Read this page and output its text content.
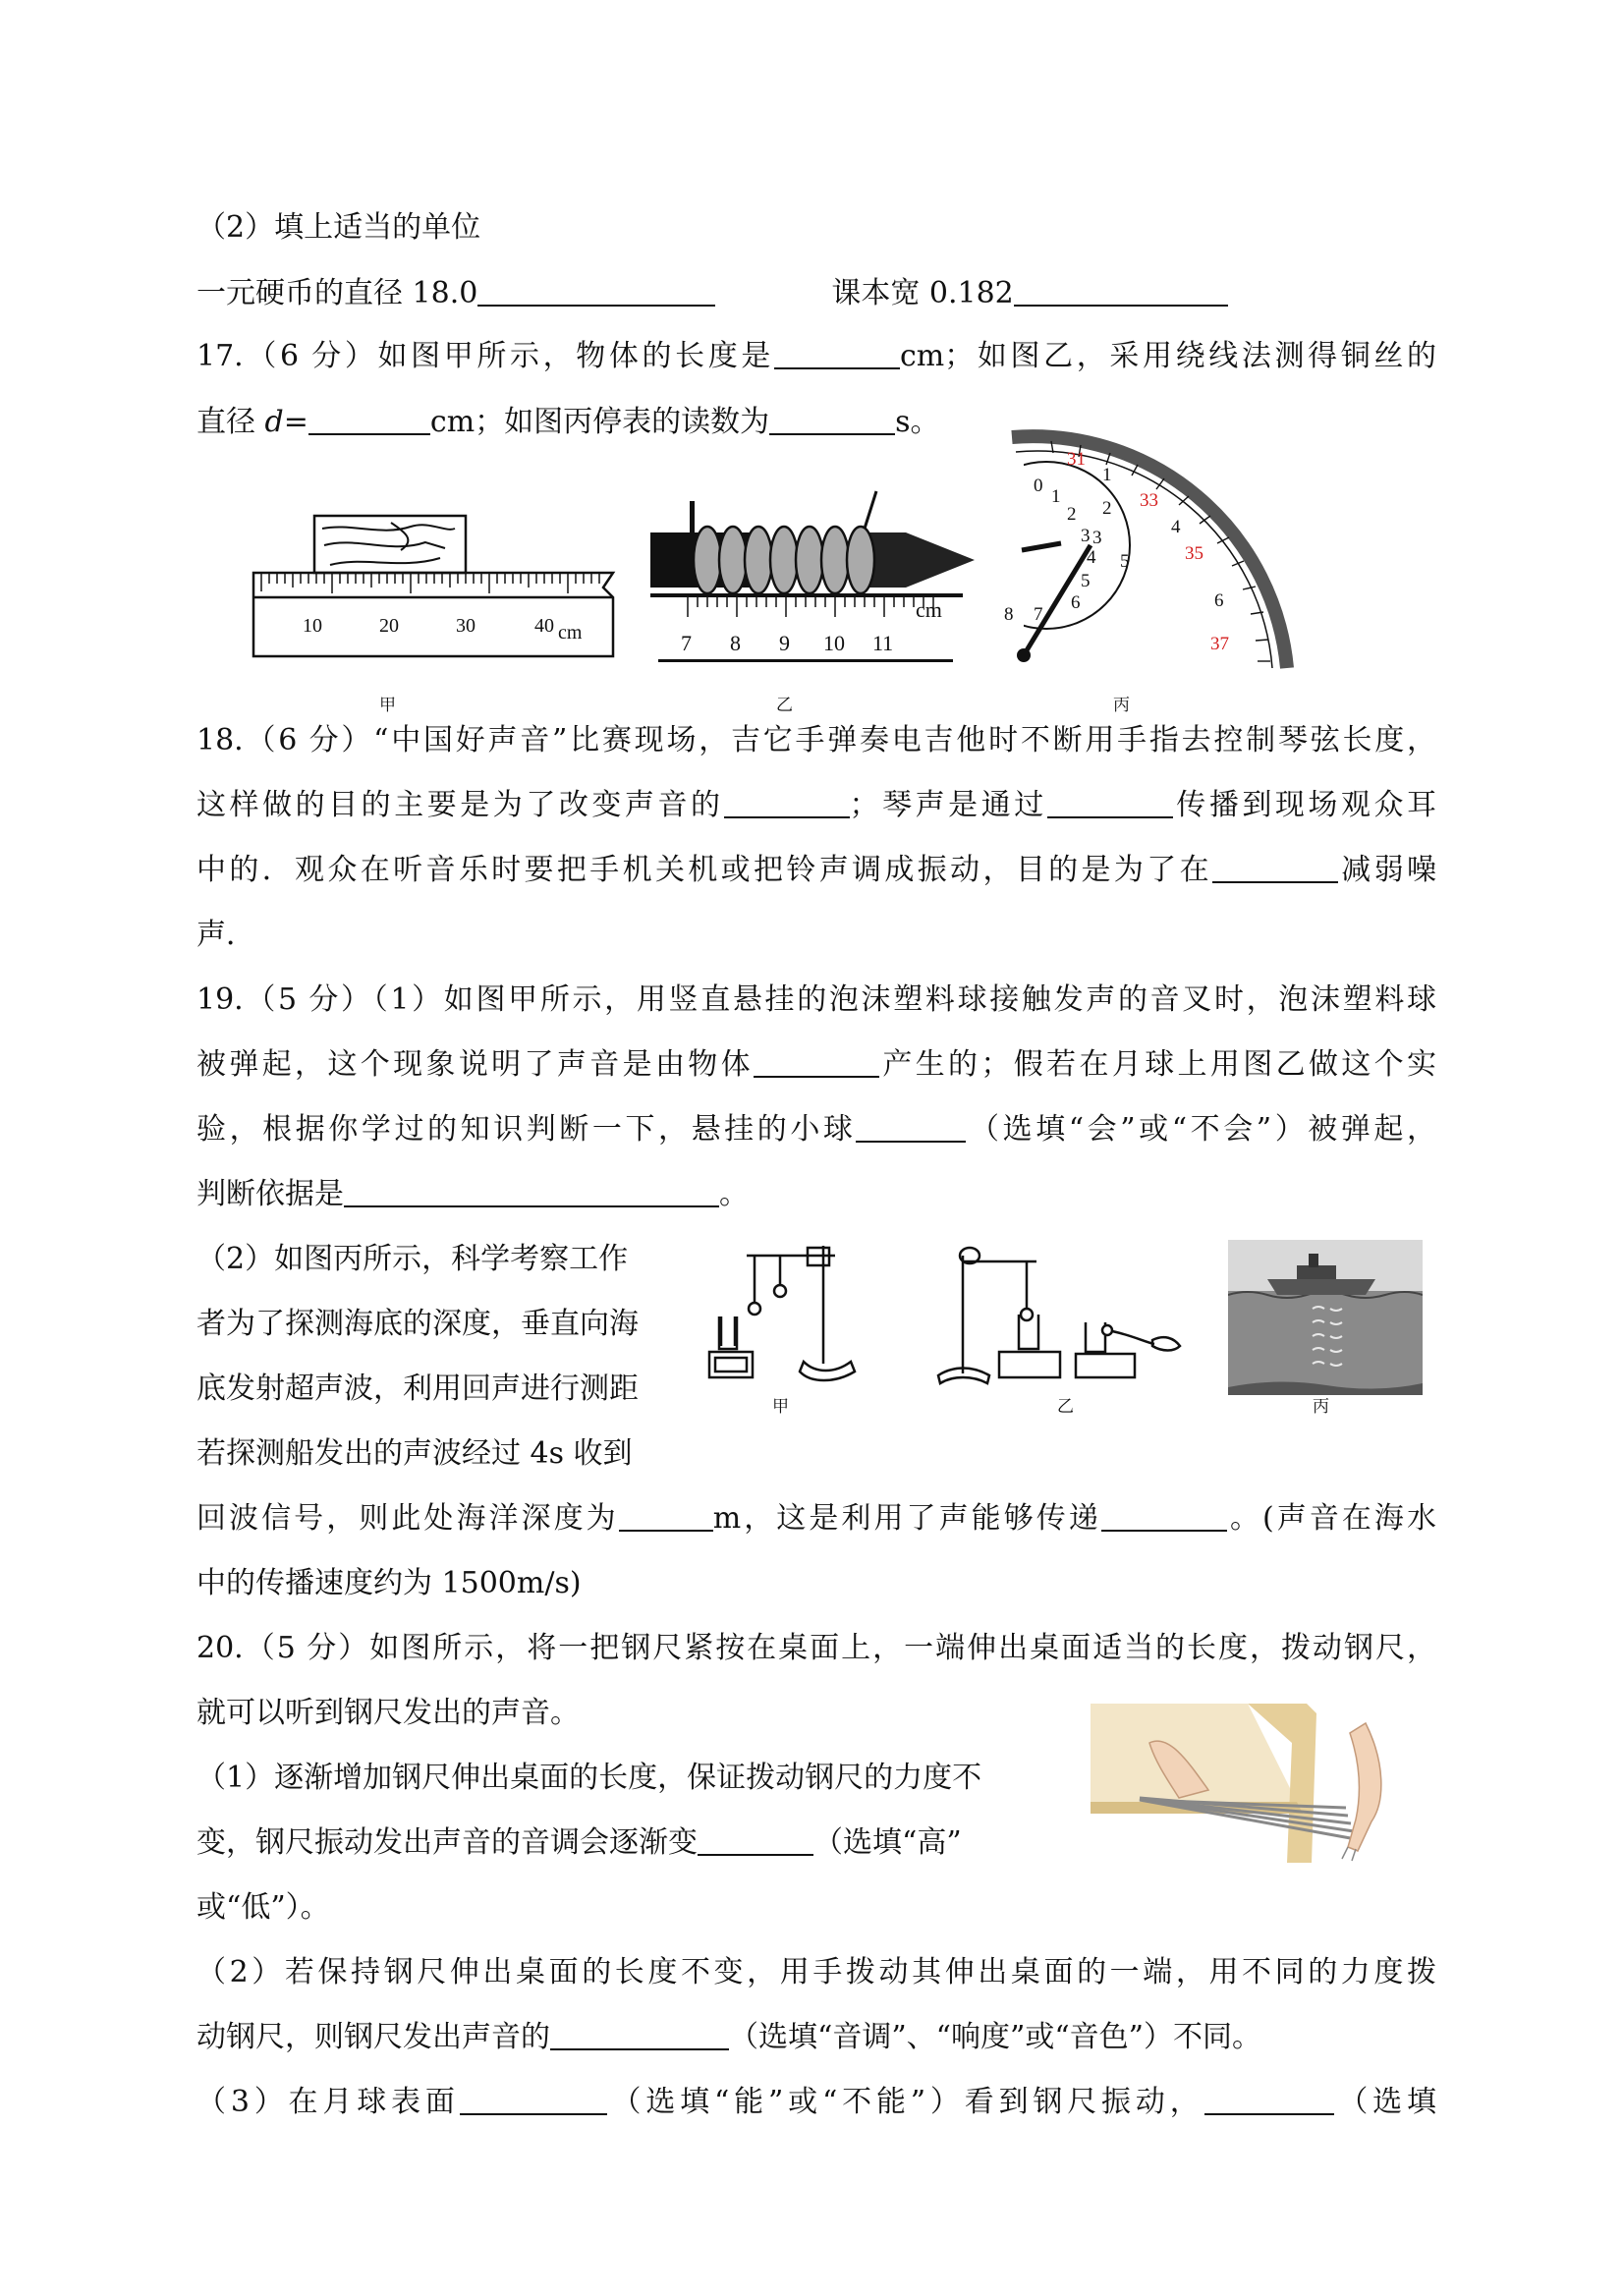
（2）填上适当的单位
一元硬币的直径 18.0	课本宽 0.182
17.（6 分）如图甲所示，物体的长度是	cm；如图乙，采用绕线法测得铜丝的
直径 d=	cm；如图丙停表的读数为	s。
10	20	30	40 cm
甲
7 8 9 10 11
cm
乙
0
1
2
3
4
5
6
7
8
1
2
3
4
5
6
31
33
35
37
丙
18.（6 分）“中国好声音”比赛现场，吉它手弹奏电吉他时不断用手指去控制琴弦长度，
这样做的目的主要是为了改变声音的	；琴声是通过	传播到现场观众耳
中的．观众在听音乐时要把手机关机或把铃声调成振动，目的是为了在	减弱噪
声．
19.（5 分）（1）如图甲所示，用竖直悬挂的泡沫塑料球接触发声的音叉时，泡沫塑料球
被弹起，这个现象说明了声音是由物体	产生的；假若在月球上用图乙做这个实
验，根据你学过的知识判断一下，悬挂的小球	（选填“会”或“不会”）被弹起，
判断依据是	。
（2）如图丙所示，科学考察工作
者为了探测海底的深度，垂直向海
底发射超声波，利用回声进行测距
若探测船发出的声波经过 4s 收到
甲	乙	丙
回波信号，则此处海洋深度为	m，这是利用了声能够传递	。(声音在海水
中的传播速度约为 1500m/s)
20.（5 分）如图所示，将一把钢尺紧按在桌面上，一端伸出桌面适当的长度，拨动钢尺，
就可以听到钢尺发出的声音。
（1）逐渐增加钢尺伸出桌面的长度，保证拨动钢尺的力度不
变，钢尺振动发出声音的音调会逐渐变	（选填“高”
或“低”）。
（2）若保持钢尺伸出桌面的长度不变，用手拨动其伸出桌面的一端，用不同的力度拨
动钢尺，则钢尺发出声音的	（选填“音调”、“响度”或“音色”）不同。
（3）在月球表面	（选填“能”或“不能”）看到钢尺振动，	（选填
